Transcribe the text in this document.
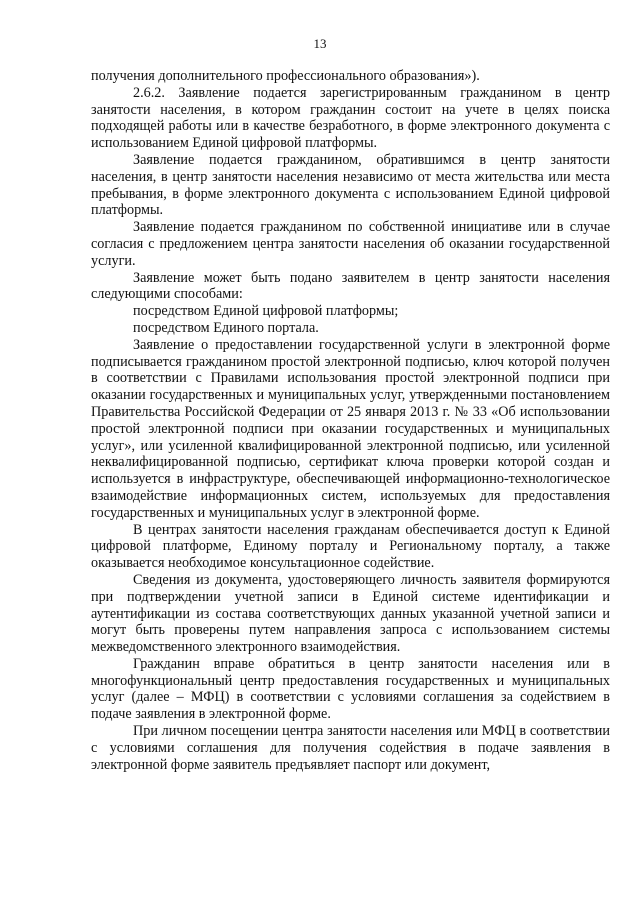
13

получения дополнительного профессионального образования»).

2.6.2. Заявление подается зарегистрированным гражданином в центр занятости населения, в котором гражданин состоит на учете в целях поиска подходящей работы или в качестве безработного, в форме электронного документа с использованием Единой цифровой платформы.

Заявление подается гражданином, обратившимся в центр занятости населения, в центр занятости населения независимо от места жительства или места пребывания, в форме электронного документа с использованием Единой цифровой платформы.

Заявление подается гражданином по собственной инициативе или в случае согласия с предложением центра занятости населения об оказании государственной услуги.

Заявление может быть подано заявителем в центр занятости населения следующими способами:

посредством Единой цифровой платформы;

посредством Единого портала.

Заявление о предоставлении государственной услуги в электронной форме подписывается гражданином простой электронной подписью, ключ которой получен в соответствии с Правилами использования простой электронной подписи при оказании государственных и муниципальных услуг, утвержденными постановлением Правительства Российской Федерации от 25 января 2013 г. № 33 «Об использовании простой электронной подписи при оказании государственных и муниципальных услуг», или усиленной квалифицированной электронной подписью, или усиленной неквалифицированной подписью, сертификат ключа проверки которой создан и используется в инфраструктуре, обеспечивающей информационно-технологическое взаимодействие информационных систем, используемых для предоставления государственных и муниципальных услуг в электронной форме.

В центрах занятости населения гражданам обеспечивается доступ к Единой цифровой платформе, Единому порталу и Региональному порталу, а также оказывается необходимое консультационное содействие.

Сведения из документа, удостоверяющего личность заявителя формируются при подтверждении учетной записи в Единой системе идентификации и аутентификации из состава соответствующих данных указанной учетной записи и могут быть проверены путем направления запроса с использованием системы межведомственного электронного взаимодействия.

Гражданин вправе обратиться в центр занятости населения или в многофункциональный центр предоставления государственных и муниципальных услуг (далее – МФЦ) в соответствии с условиями соглашения за содействием в подаче заявления в электронной форме.

При личном посещении центра занятости населения или МФЦ в соответствии с условиями соглашения для получения содействия в подаче заявления в электронной форме заявитель предъявляет паспорт или документ,
